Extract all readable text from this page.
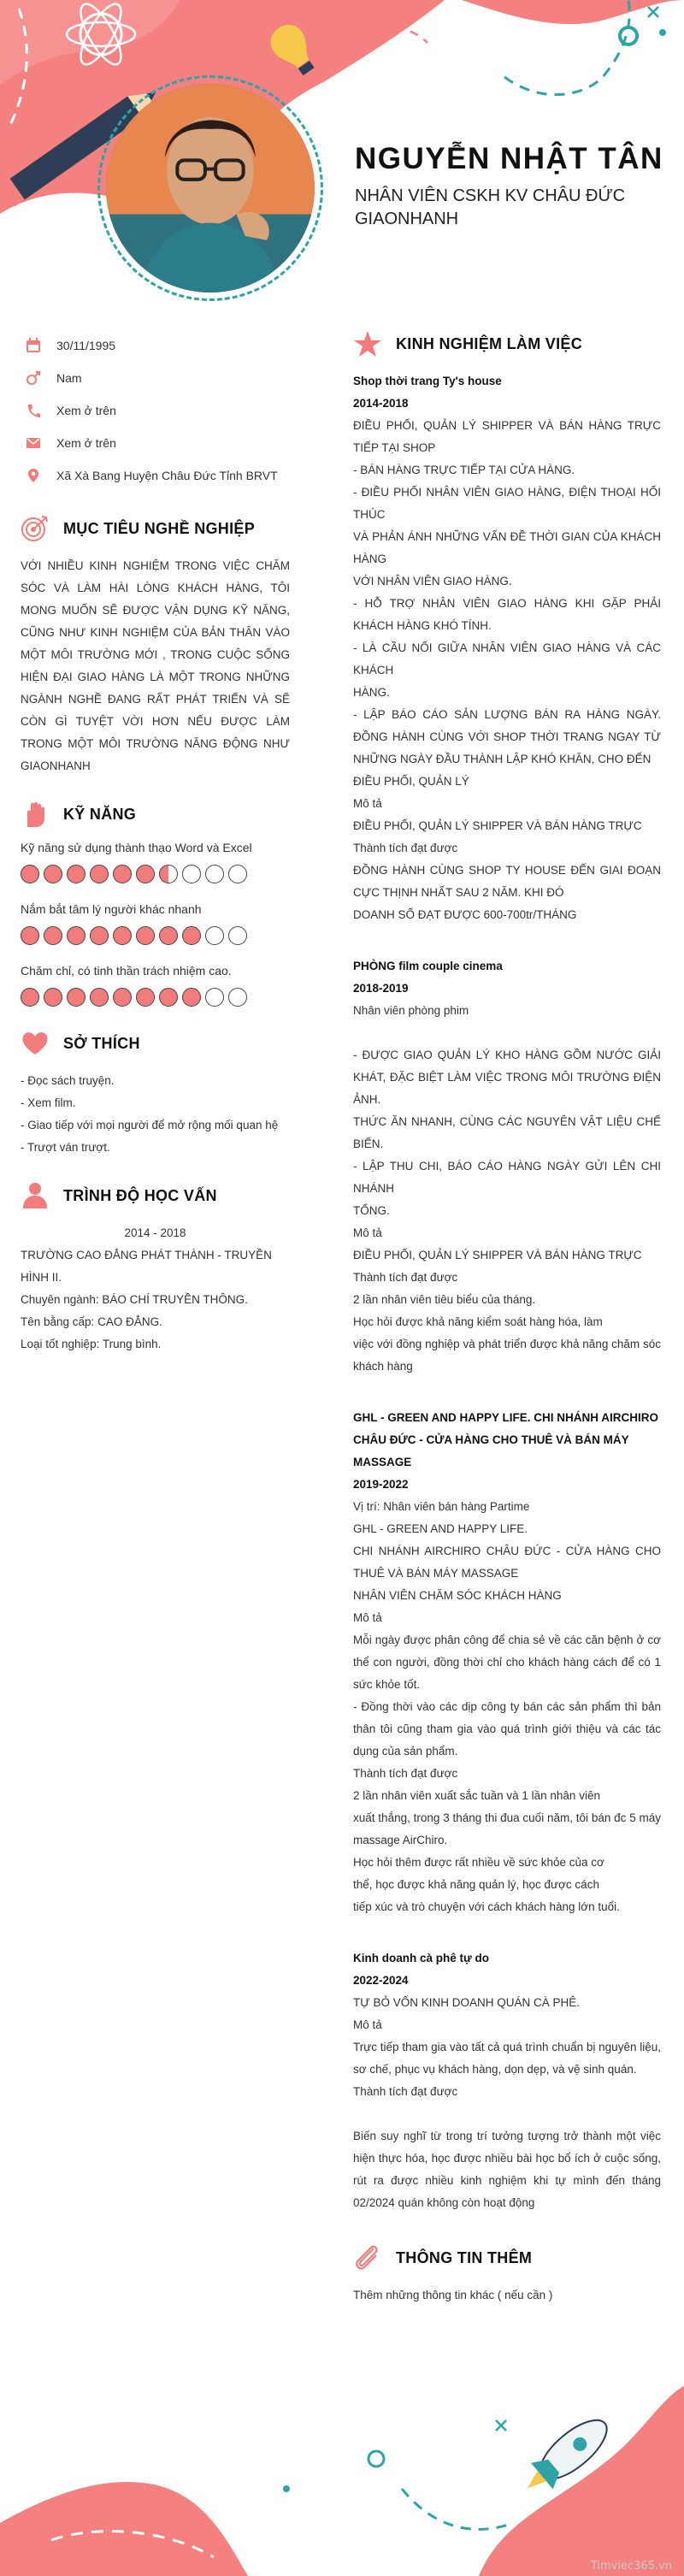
NGUYỄN NHẬT TÂN
NHÂN VIÊN CSKH KV CHÂU ĐỨC GIAONHANH
30/11/1995
Nam
Xem ở trên
Xem ở trên
Xã Xà Bang Huyện Châu Đức Tỉnh BRVT
MỤC TIÊU NGHỀ NGHIỆP
VỚI NHIỀU KINH NGHIỆM TRONG VIỆC CHĂM SÓC VÀ LÀM HÀI LÒNG KHÁCH HÀNG, TÔI MONG MUỐN SẼ ĐƯỢC VẬN DỤNG KỸ NĂNG, CŨNG NHƯ KINH NGHIỆM CỦA BẢN THÂN VÀO MỘT MÔI TRƯỜNG MỚI , TRONG CUỘC SỐNG HIỆN ĐẠI GIAO HÀNG LÀ MỘT TRONG NHỮNG NGÀNH NGHỀ ĐANG RẤT PHÁT TRIỂN VÀ SẼ CÒN GÌ TUYỆT VỜI HƠN NẾU ĐƯỢC LÀM TRONG MỘT MÔI TRƯỜNG NĂNG ĐỘNG NHƯ GIAONHANH
KỸ NĂNG
Kỹ năng sử dụng thành thạo Word và Excel
Nắm bắt tâm lý người khác nhanh
Chăm chỉ, có tinh thần trách nhiệm cao.
SỞ THÍCH
- Đọc sách truyện.
- Xem film.
- Giao tiếp với mọi người để mở rộng mối quan hệ
- Trượt ván trượt.
TRÌNH ĐỘ HỌC VẤN
2014 - 2018
TRƯỜNG CAO ĐẲNG PHÁT THÀNH - TRUYỀN HÌNH II.
Chuyên ngành: BÁO CHÍ TRUYỀN THÔNG.
Tên bằng cấp: CAO ĐẲNG.
Loại tốt nghiệp: Trung bình.
KINH NGHIỆM LÀM VIỆC
Shop thời trang Ty's house
2014-2018
ĐIỀU PHỐI, QUẢN LÝ SHIPPER VÀ BÁN HÀNG TRỰC TIẾP TẠI SHOP
- BÁN HÀNG TRỰC TIẾP TẠI CỬA HÀNG.
- ĐIỀU PHỐI NHÂN VIÊN GIAO HÀNG, ĐIỆN THOẠI HỐI THÚC
VÀ PHẢN ÁNH NHỮNG VẤN ĐỀ THỜI GIAN CỦA KHÁCH HÀNG
VỚI NHÂN VIÊN GIAO HÀNG.
- HỖ TRỢ NHÂN VIÊN GIAO HÀNG KHI GẶP PHẢI KHÁCH HÀNG KHÓ TÍNH.
- LÀ CẦU NỐI GIỮA NHÂN VIÊN GIAO HÀNG VÀ CÁC KHÁCH
HÀNG.
- LẬP BÁO CÁO SẢN LƯỢNG BÁN RA HÀNG NGÀY. ĐỒNG HÀNH CÙNG VỚI SHOP THỜI TRANG NGAY TỪ NHỮNG NGÀY ĐẦU THÀNH LẬP KHÓ KHĂN, CHO ĐẾN
ĐIỀU PHỐI, QUẢN LÝ
Mô tả
ĐIỀU PHỐI, QUẢN LÝ SHIPPER VÀ BÁN HÀNG TRỰC
Thành tích đạt được
ĐỒNG HÀNH CÙNG SHOP TY HOUSE ĐẾN GIAI ĐOẠN CỰC THỊNH NHẤT SAU 2 NĂM. KHI ĐÓ
DOANH SỐ ĐẠT ĐƯỢC 600-700tr/THÁNG
PHÒNG film couple cinema
2018-2019
Nhân viên phòng phim
- ĐƯỢC GIAO QUẢN LÝ KHO HÀNG GỒM NƯỚC GIẢI KHÁT, ĐẶC BIỆT LÀM VIỆC TRONG MÔI TRƯỜNG ĐIỆN ẢNH.
THỨC ĂN NHANH, CÙNG CÁC NGUYÊN VẬT LIỆU CHẾ BIẾN.
- LẬP THU CHI, BÁO CÁO HÀNG NGÀY GỬI LÊN CHI NHÁNH
TỔNG.
Mô tả
ĐIỀU PHỐI, QUẢN LÝ SHIPPER VÀ BÁN HÀNG TRỰC
Thành tích đạt được
2 lần nhân viên tiêu biểu của tháng.
Học hỏi được khả năng kiểm soát hàng hóa, làm
việc với đồng nghiệp và phát triển được khả năng chăm sóc khách hàng
GHL - GREEN AND HAPPY LIFE. CHI NHÁNH AIRCHIRO CHÂU ĐỨC - CỬA HÀNG CHO THUÊ VÀ BÁN MÁY MASSAGE
2019-2022
Vị trí: Nhân viên bán hàng Partime
GHL - GREEN AND HAPPY LIFE.
CHI NHÁNH AIRCHIRO CHÂU ĐỨC - CỬA HÀNG CHO THUÊ VÀ BÁN MÁY MASSAGE
NHÂN VIÊN CHĂM SÓC KHÁCH HÀNG
Mô tả
Mỗi ngày được phân công để chia sẻ về các căn bệnh ở cơ thể con người, đồng thời chỉ cho khách hàng cách để có 1 sức khỏe tốt.
- Đồng thời vào các dịp công ty bán các sản phẩm thì bản thân tôi cũng tham gia vào quá trình giới thiệu và các tác dụng của sản phẩm.
Thành tích đạt được
2 lần nhân viên xuất sắc tuần và 1 lần nhân viên
xuất thắng, trong 3 tháng thi đua cuối năm, tôi bán đc 5 máy massage AirChiro.
Học hỏi thêm được rất nhiều về sức khỏe của cơ
thể, học được khả năng quản lý, học được cách
tiếp xúc và trò chuyện với cách khách hàng lớn tuổi.
Kinh doanh cà phê tự do
2022-2024
TỰ BỎ VỐN KINH DOANH QUÁN CÀ PHÊ.
Mô tả
Trực tiếp tham gia vào tất cả quá trình chuẩn bị nguyên liệu, sơ chế, phục vụ khách hàng, dọn dẹp, và vệ sinh quán.
Thành tích đạt được
Biến suy nghĩ từ trong trí tưởng tượng trở thành một việc hiện thực hóa, học được nhiều bài học bổ ích ở cuộc sống, rút ra được nhiều kinh nghiệm khi tự mình đến tháng 02/2024 quán không còn hoạt động
THÔNG TIN THÊM
Thêm những thông tin khác ( nếu cần )
Timviec365.vn
